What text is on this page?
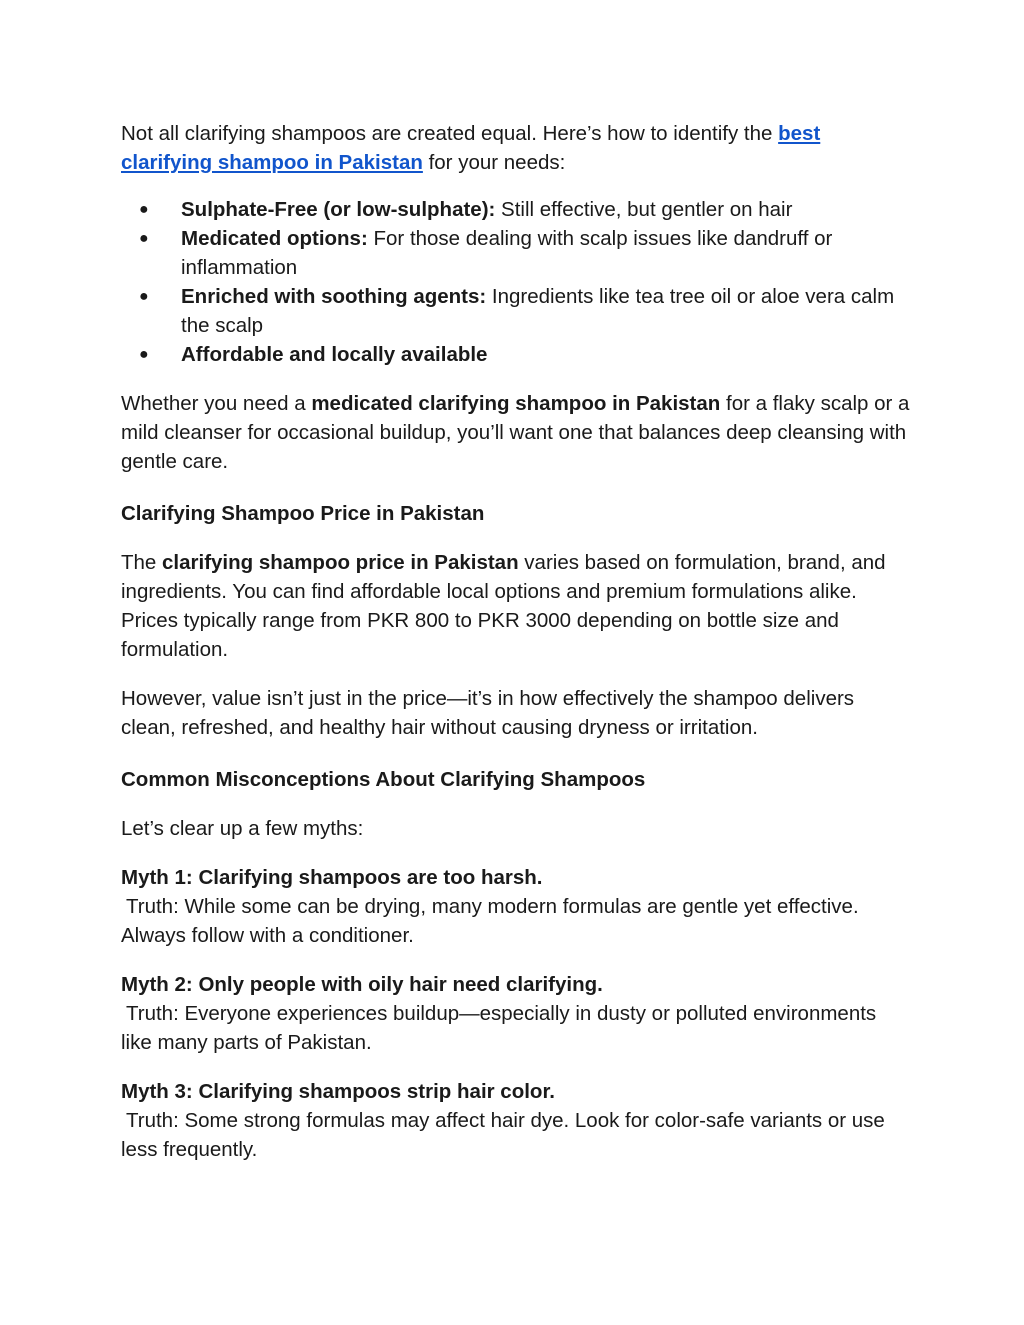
Not all clarifying shampoos are created equal. Here’s how to identify the best clarifying shampoo in Pakistan for your needs:

● Sulphate-Free (or low-sulphate): Still effective, but gentler on hair
● Medicated options: For those dealing with scalp issues like dandruff or inflammation
● Enriched with soothing agents: Ingredients like tea tree oil or aloe vera calm the scalp
● Affordable and locally available

Whether you need a medicated clarifying shampoo in Pakistan for a flaky scalp or a mild cleanser for occasional buildup, you’ll want one that balances deep cleansing with gentle care.

Clarifying Shampoo Price in Pakistan

The clarifying shampoo price in Pakistan varies based on formulation, brand, and ingredients. You can find affordable local options and premium formulations alike. Prices typically range from PKR 800 to PKR 3000 depending on bottle size and formulation.

However, value isn’t just in the price—it’s in how effectively the shampoo delivers clean, refreshed, and healthy hair without causing dryness or irritation.

Common Misconceptions About Clarifying Shampoos

Let’s clear up a few myths:

Myth 1: Clarifying shampoos are too harsh.
Truth: While some can be drying, many modern formulas are gentle yet effective. Always follow with a conditioner.
Myth 2: Only people with oily hair need clarifying.
Truth: Everyone experiences buildup—especially in dusty or polluted environments like many parts of Pakistan.
Myth 3: Clarifying shampoos strip hair color.
Truth: Some strong formulas may affect hair dye. Look for color-safe variants or use less frequently.
